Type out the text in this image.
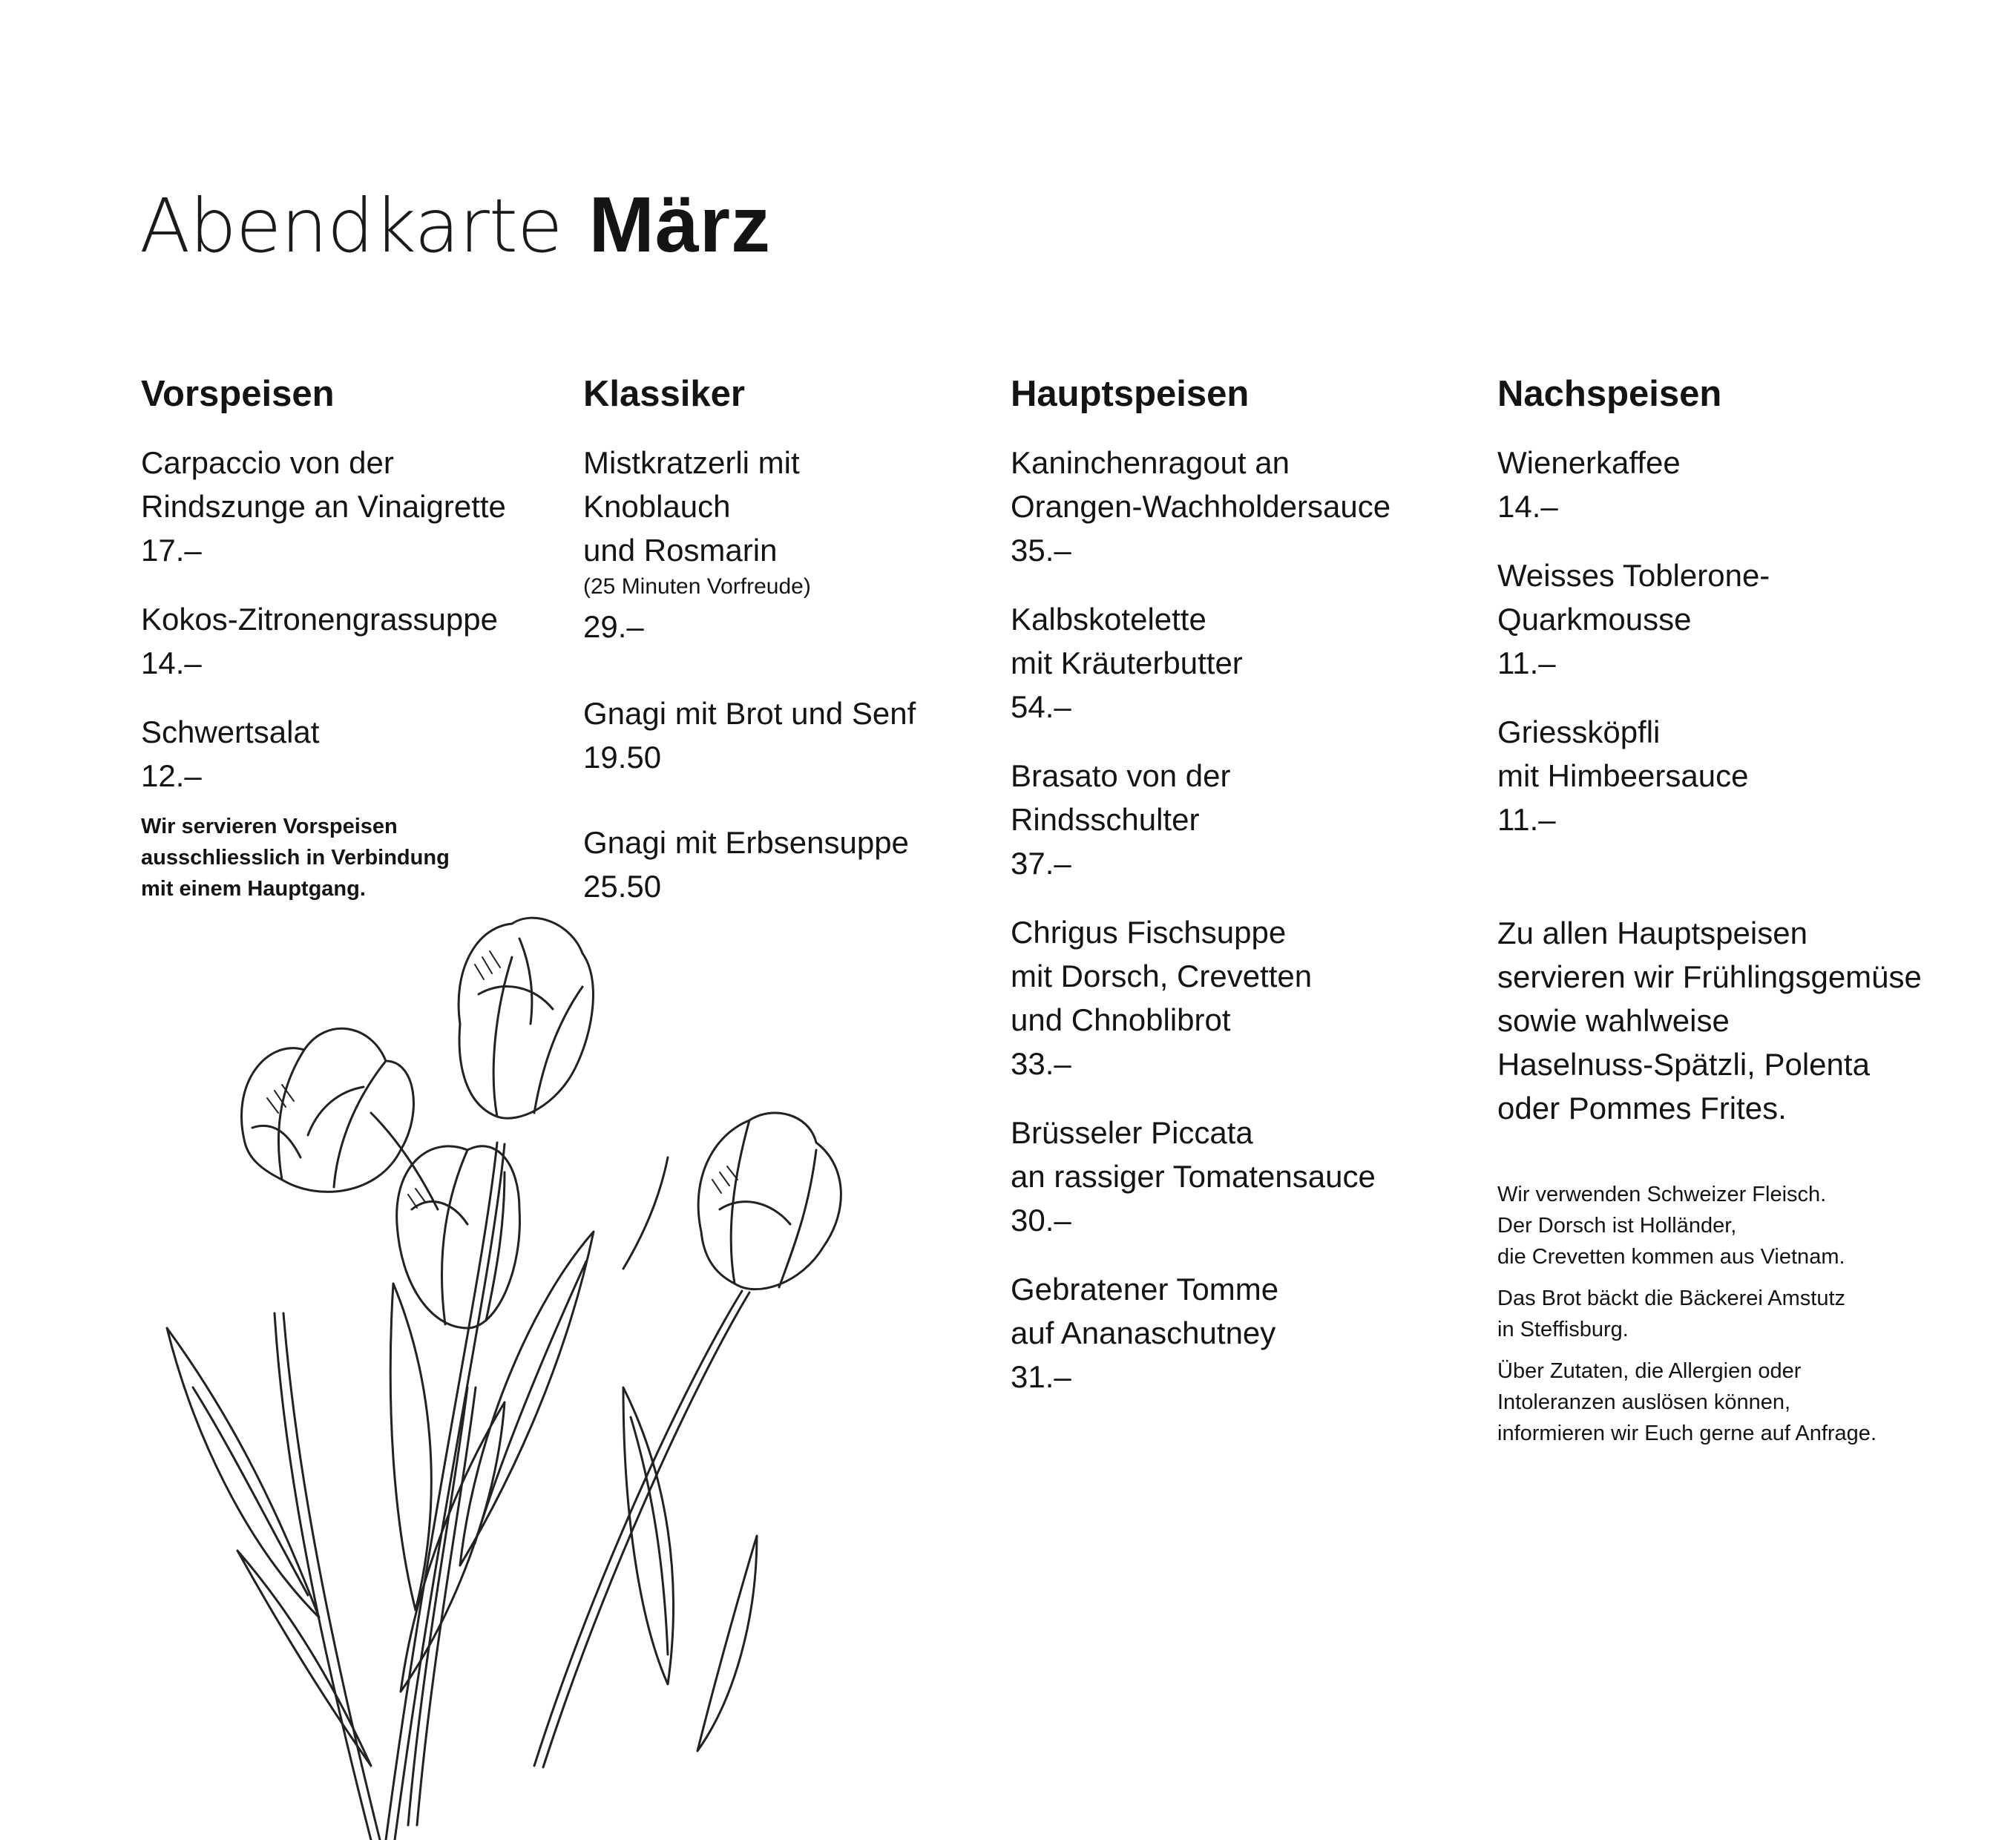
Abendkarte März
Vorspeisen
Carpaccio von der
Rindszunge an Vinaigrette
17.–
Kokos-Zitronengrassuppe
14.–
Schwertsalat
12.–
Wir servieren Vorspeisen
ausschliesslich in Verbindung
mit einem Hauptgang.
Klassiker
Mistkratzerli mit
Knoblauch
und Rosmarin
(25 Minuten Vorfreude)
29.–
Gnagi mit Brot und Senf
19.50
Gnagi mit Erbsensuppe
25.50
Hauptspeisen
Kaninchenragout an
Orangen-Wachholdersauce
35.–
Kalbskotelette
mit Kräuterbutter
54.–
Brasato von der
Rindsschulter
37.–
Chrigus Fischsuppe
mit Dorsch, Crevetten
und Chnoblibrot
33.–
Brüsseler Piccata
an rassiger Tomatensauce
30.–
Gebratener Tomme
auf Ananaschutney
31.–
Nachspeisen
Wienerkaffee
14.–
Weisses Toblerone-
Quarkmousse
11.–
Griessköpfli
mit Himbeersauce
11.–
Zu allen Hauptspeisen
servieren wir Frühlingsgemüse
sowie wahlweise
Haselnuss-Spätzli, Polenta
oder Pommes Frites.

Wir verwenden Schweizer Fleisch.
Der Dorsch ist Holländer,
die Crevetten kommen aus Vietnam.

Das Brot bäckt die Bäckerei Amstutz
in Steffisburg.

Über Zutaten, die Allergien oder
Intoleranzen auslösen können,
informieren wir Euch gerne auf Anfrage.
